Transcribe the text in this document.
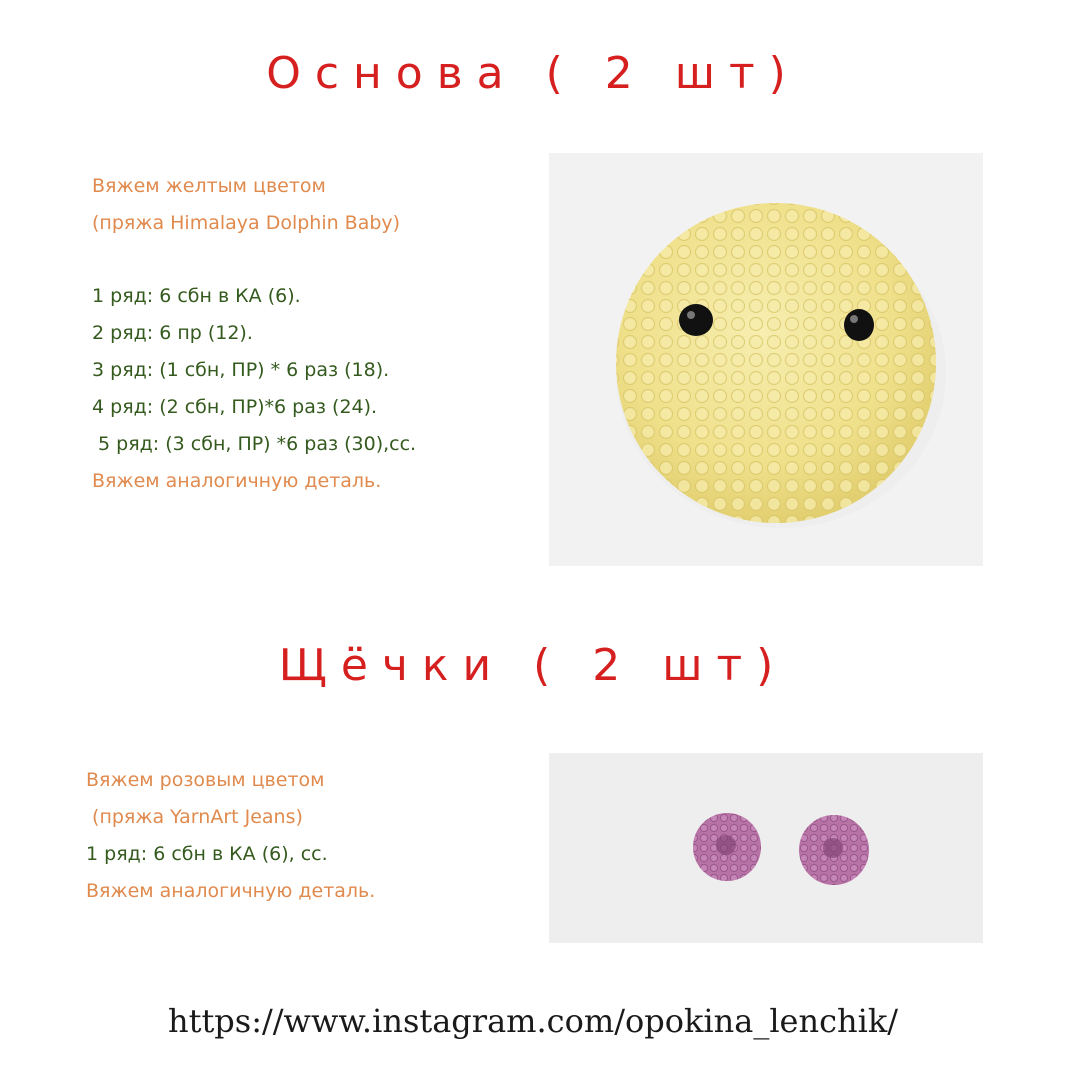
Основа ( 2 шт)
Вяжем желтым цветом
(пряжа Himalaya Dolphin Baby)
1 ряд: 6 сбн в КА (6).
2 ряд: 6 пр (12).
3 ряд: (1 сбн, ПР) * 6 раз (18).
4 ряд: (2 сбн, ПР)*6 раз (24).
5 ряд: (3 сбн, ПР) *6 раз (30),сс.
Вяжем аналогичную деталь.
Щёчки ( 2 шт)
Вяжем розовым цветом
(пряжа YarnArt Jeans)
1 ряд: 6 сбн в КА (6), сс.
Вяжем аналогичную деталь.
https://www.instagram.com/opokina_lenchik/
